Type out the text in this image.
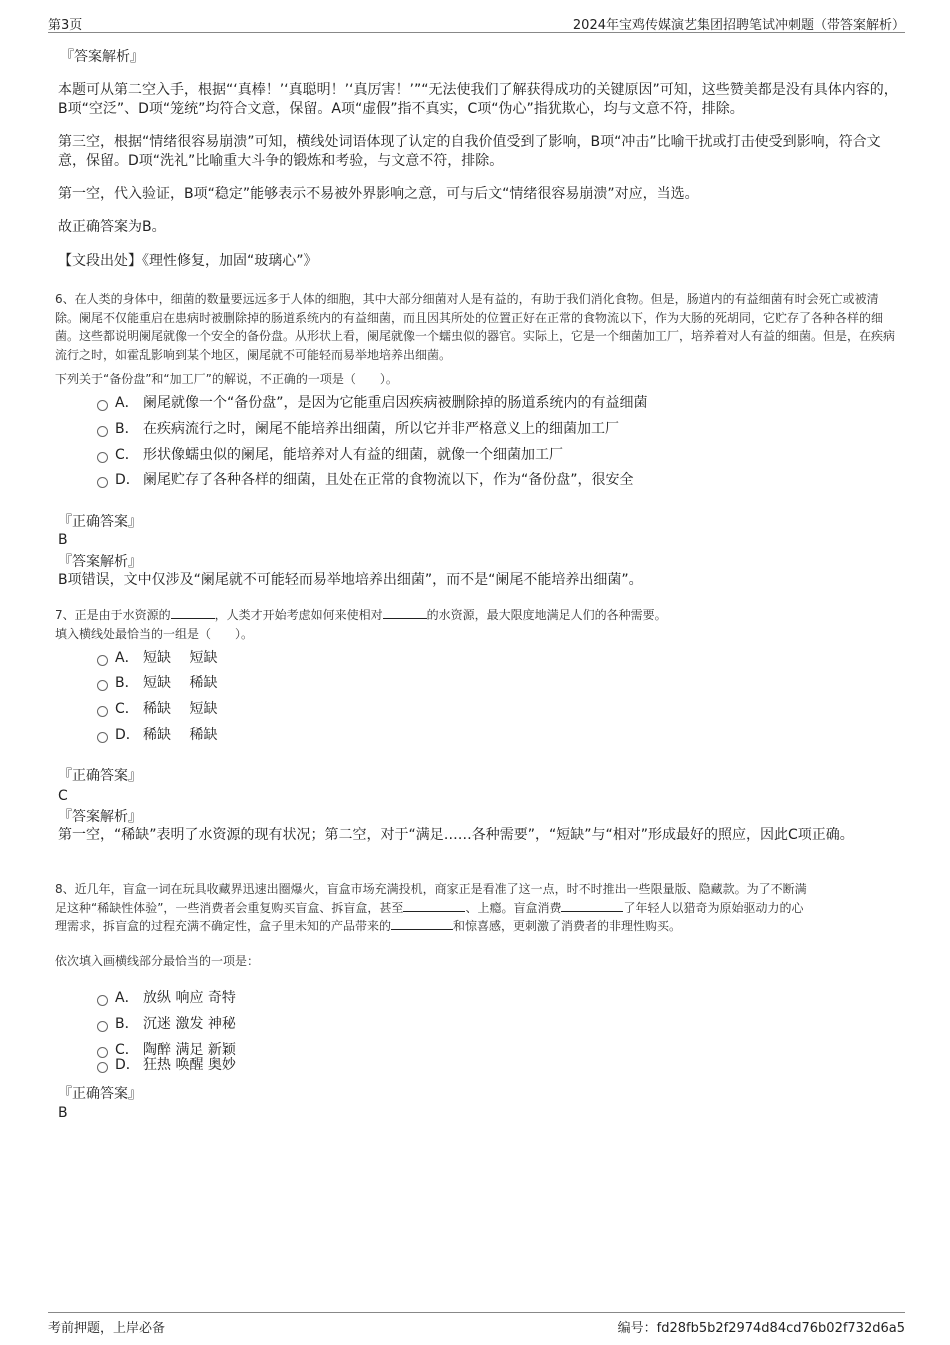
第3页	2024年宝鸡传媒演艺集团招聘笔试冲刺题（带答案解析）
『答案解析』
本题可从第二空入手，根据“‘真棒！’‘真聪明！’‘真厉害！’”“无法使我们了解获得成功的关键原因”可知，这些赞美都是没有具体内容的，B项“空泛”、D项“笼统”均符合文意，保留。A项“虚假”指不真实，C项“伪心”指犹欺心，均与文意不符，排除。
第三空，根据“情绪很容易崩溃”可知，横线处词语体现了认定的自我价值受到了影响，B项“冲击”比喻干扰或打击使受到影响，符合文意，保留。D项“洗礼”比喻重大斗争的锻炼和考验，与文意不符，排除。
第一空，代入验证，B项“稳定”能够表示不易被外界影响之意，可与后文“情绪很容易崩溃”对应，当选。
故正确答案为B。
【文段出处】《理性修复，加固“玻璃心”》
6、在人类的身体中，细菌的数量要远远多于人体的细胞，其中大部分细菌对人是有益的，有助于我们消化食物。但是，肠道内的有益细菌有时会死亡或被清除。阑尾不仅能重启在患病时被删除掉的肠道系统内的有益细菌，而且因其所处的位置正好在正常的食物流以下，作为大肠的死胡同，它贮存了各种各样的细菌。这些都说明阑尾就像一个安全的备份盘。从形状上看，阑尾就像一个蠕虫似的器官。实际上，它是一个细菌加工厂，培养着对人有益的细菌。但是，在疾病流行之时，如霍乱影响到某个地区，阑尾就不可能轻而易举地培养出细菌。
下列关于“备份盘”和“加工厂”的解说，不正确的一项是（　　）。
A． 阑尾就像一个“备份盘”，是因为它能重启因疾病被删除掉的肠道系统内的有益细菌
B． 在疾病流行之时，阑尾不能培养出细菌，所以它并非严格意义上的细菌加工厂
C． 形状像蠕虫似的阑尾，能培养对人有益的细菌，就像一个细菌加工厂
D． 阑尾贮存了各种各样的细菌，且处在正常的食物流以下，作为“备份盘”，很安全
『正确答案』
B
『答案解析』
B项错误，文中仅涉及“阑尾就不可能轻而易举地培养出细菌”，而不是“阑尾不能培养出细菌”。
7、正是由于水资源的	，人类才开始考虑如何来使相对	的水资源，最大限度地满足人们的各种需要。
填入横线处最恰当的一组是（　　）。
A． 短缺　 短缺
B． 短缺　 稀缺
C． 稀缺　 短缺
D． 稀缺　 稀缺
『正确答案』
C
『答案解析』
第一空，“稀缺”表明了水资源的现有状况；第二空，对于“满足……各种需要”，“短缺”与“相对”形成最好的照应，因此C项正确。
8、近几年，盲盒一词在玩具收藏界迅速出圈爆火，盲盒市场充满投机，商家正是看准了这一点，时不时推出一些限量版、隐藏款。为了不断满
足这种“稀缺性体验”，一些消费者会重复购买盲盒、拆盲盒，甚至	、上瘾。盲盒消费	了年轻人以猎奇为原始驱动力的心
理需求，拆盲盒的过程充满不确定性，盒子里未知的产品带来的	和惊喜感，更刺激了消费者的非理性购买。
依次填入画横线部分最恰当的一项是：
A． 放纵 响应 奇特
B． 沉迷 激发 神秘
C． 陶醉 满足 新颖
D． 狂热 唤醒 奥妙
『正确答案』
B
考前押题，上岸必备	编号：fd28fb5b2f2974d84cd76b02f732d6a5
